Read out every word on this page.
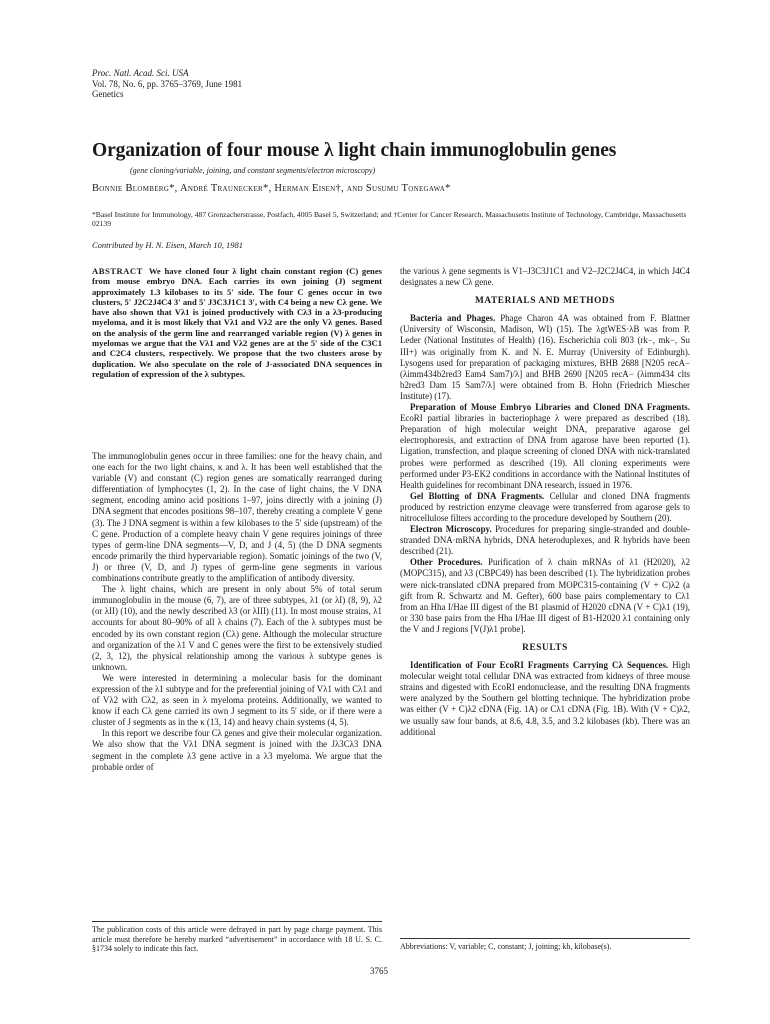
Proc. Natl. Acad. Sci. USA
Vol. 78, No. 6, pp. 3765–3769, June 1981
Genetics
Organization of four mouse λ light chain immunoglobulin genes
(gene cloning/variable, joining, and constant segments/electron microscopy)
Bonnie Blomberg*, André Traunecker*, Herman Eisen†, and Susumu Tonegawa*
*Basel Institute for Immunology, 487 Grenzacherstrasse, Postfach, 4005 Basel 5, Switzerland; and †Center for Cancer Research, Massachusetts Institute of Technology, Cambridge, Massachusetts 02139
Contributed by H. N. Eisen, March 10, 1981

ABSTRACT We have cloned four λ light chain constant region (C) genes from mouse embryo DNA. Each carries its own joining (J) segment approximately 1.3 kilobases to its 5′ side. The four C genes occur in two clusters, 5′ J2C2J4C4 3′ and 5′ J3C3J1C1 3′, with C4 being a new Cλ gene. We have also shown that Vλ1 is joined productively with Cλ3 in a λ3-producing myeloma, and it is most likely that Vλ1 and Vλ2 are the only Vλ genes. Based on the analysis of the germ line and rearranged variable region (V) λ genes in myelomas we argue that the Vλ1 and Vλ2 genes are at the 5′ side of the C3C1 and C2C4 clusters, respectively. We propose that the two clusters arose by duplication. We also speculate on the role of J-associated DNA sequences in regulation of expression of the λ subtypes.

The immunoglobulin genes occur in three families: one for the heavy chain, and one each for the two light chains, κ and λ. It has been well established that the variable (V) and constant (C) region genes are somatically rearranged during differentiation of lymphocytes (1, 2). In the case of light chains, the V DNA segment, encoding amino acid positions 1–97, joins directly with a joining (J) DNA segment that encodes positions 98–107, thereby creating a complete V gene (3). The J DNA segment is within a few kilobases to the 5′ side (upstream) of the C gene. Production of a complete heavy chain V gene requires joinings of three types of germ-line DNA segments—V, D, and J (4, 5) (the D DNA segments encode primarily the third hypervariable region). Somatic joinings of the two (V, J) or three (V, D, and J) types of germ-line gene segments in various combinations contribute greatly to the amplification of antibody diversity.

The λ light chains, which are present in only about 5% of total serum immunoglobulin in the mouse (6, 7), are of three subtypes, λ1 (or λI) (8, 9), λ2 (or λII) (10), and the newly described λ3 (or λIII) (11). In most mouse strains, λ1 accounts for about 80–90% of all λ chains (7). Each of the λ subtypes must be encoded by its own constant region (Cλ) gene. Although the molecular structure and organization of the λ1 V and C genes were the first to be extensively studied (2, 3, 12), the physical relationship among the various λ subtype genes is unknown.

We were interested in determining a molecular basis for the dominant expression of the λ1 subtype and for the preferential joining of Vλ1 with Cλ1 and of Vλ2 with Cλ2, as seen in λ myeloma proteins. Additionally, we wanted to know if each Cλ gene carried its own J segment to its 5′ side, or if there were a cluster of J segments as in the κ (13, 14) and heavy chain systems (4, 5).

In this report we describe four Cλ genes and give their molecular organization. We also show that the Vλ1 DNA segment is joined with the Jλ3Cλ3 DNA segment in the complete λ3 gene active in a λ3 myeloma. We argue that the probable order of

The publication costs of this article were defrayed in part by page charge payment. This article must therefore be hereby marked “advertisement” in accordance with 18 U. S. C. §1734 solely to indicate this fact.

the various λ gene segments is V1–J3C3J1C1 and V2–J2C2J4C4, in which J4C4 designates a new Cλ gene.

MATERIALS AND METHODS

Bacteria and Phages. Phage Charon 4A was obtained from F. Blattner (University of Wisconsin, Madison, WI) (15). The λgtWES·λB was from P. Leder (National Institutes of Health) (16). Escherichia coli 803 (rk−, mk−, Su III+) was originally from K. and N. E. Murray (University of Edinburgh). Lysogens used for preparation of packaging mixtures, BHB 2688 [N205 recA− (λimm434b2red3 Eam4 Sam7)/λ] and BHB 2690 [N205 recA− (λimm434 clts b2red3 Dam 15 Sam7/λ] were obtained from B. Hohn (Friedrich Miescher Institute) (17).

Preparation of Mouse Embryo Libraries and Cloned DNA Fragments. EcoRI partial libraries in bacteriophage λ were prepared as described (18). Preparation of high molecular weight DNA, preparative agarose gel electrophoresis, and extraction of DNA from agarose have been reported (1). Ligation, transfection, and plaque screening of cloned DNA with nick-translated probes were performed as described (19). All cloning experiments were performed under P3-EK2 conditions in accordance with the National Institutes of Health guidelines for recombinant DNA research, issued in 1976.

Gel Blotting of DNA Fragments. Cellular and cloned DNA fragments produced by restriction enzyme cleavage were transferred from agarose gels to nitrocellulose filters according to the procedure developed by Southern (20).

Electron Microscopy. Procedures for preparing single-stranded and double-stranded DNA·mRNA hybrids, DNA heteroduplexes, and R hybrids have been described (21).

Other Procedures. Purification of λ chain mRNAs of λ1 (H2020), λ2 (MOPC315), and λ3 (CBPC49) has been described (1). The hybridization probes were nick-translated cDNA prepared from MOPC315-containing (V + C)λ2 (a gift from R. Schwartz and M. Gefter), 600 base pairs complementary to Cλ1 from an Hha I/Hae III digest of the B1 plasmid of H2020 cDNA (V + C)λ1 (19), or 330 base pairs from the Hha I/Hae III digest of B1-H2020 λ1 containing only the V and J regions [V(J)λ1 probe].

RESULTS

Identification of Four EcoRI Fragments Carrying Cλ Sequences. High molecular weight total cellular DNA was extracted from kidneys of three mouse strains and digested with EcoRI endonuclease, and the resulting DNA fragments were analyzed by the Southern gel blotting technique. The hybridization probe was either (V + C)λ2 cDNA (Fig. 1A) or Cλ1 cDNA (Fig. 1B). With (V + C)λ2, we usually saw four bands, at 8.6, 4.8, 3.5, and 3.2 kilobases (kb). There was an additional

Abbreviations: V, variable; C, constant; J, joining; kb, kilobase(s).
3765
